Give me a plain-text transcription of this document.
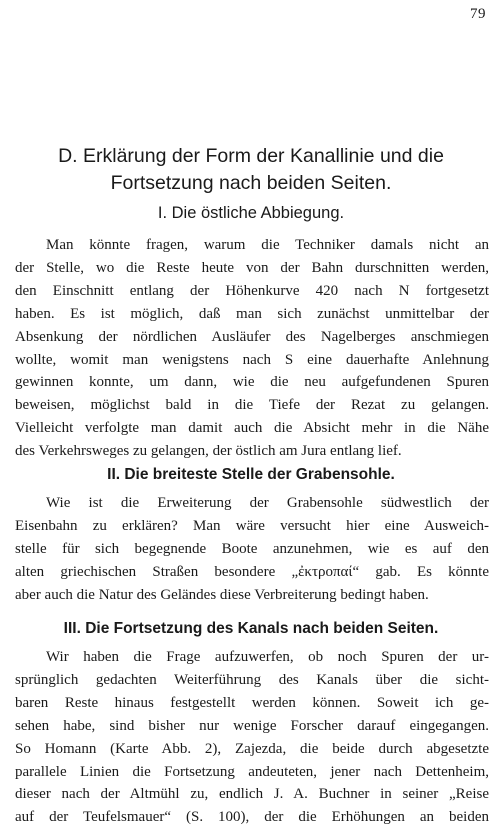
79
D. Erklärung der Form der Kanallinie und die
Fortsetzung nach beiden Seiten.
I. Die östliche Abbiegung.
Man könnte fragen, warum die Techniker damals nicht an
der Stelle, wo die Reste heute von der Bahn durschnitten werden,
den Einschnitt entlang der Höhenkurve 420 nach N fortgesetzt
haben. Es ist möglich, daß man sich zunächst unmittelbar der
Absenkung der nördlichen Ausläufer des Nagelberges anschmiegen
wollte, womit man wenigstens nach S eine dauerhafte Anlehnung
gewinnen konnte, um dann, wie die neu aufgefundenen Spuren
beweisen, möglichst bald in die Tiefe der Rezat zu gelangen.
Vielleicht verfolgte man damit auch die Absicht mehr in die Nähe
des Verkehrsweges zu gelangen, der östlich am Jura entlang lief.
II. Die breiteste Stelle der Grabensohle.
Wie ist die Erweiterung der Grabensohle südwestlich der
Eisenbahn zu erklären? Man wäre versucht hier eine Ausweich-
stelle für sich begegnende Boote anzunehmen, wie es auf den
alten griechischen Straßen besondere „ἐκτροπαί“ gab. Es könnte
aber auch die Natur des Geländes diese Verbreiterung bedingt haben.
III. Die Fortsetzung des Kanals nach beiden Seiten.
Wir haben die Frage aufzuwerfen, ob noch Spuren der ur-
sprünglich gedachten Weiterführung des Kanals über die sicht-
baren Reste hinaus festgestellt werden können. Soweit ich ge-
sehen habe, sind bisher nur wenige Forscher darauf eingegangen.
So Homann (Karte Abb. 2), Zajezda, die beide durch abgesetzte
parallele Linien die Fortsetzung andeuteten, jener nach Dettenheim,
dieser nach der Altmühl zu, endlich J. A. Buchner in seiner „Reise
auf der Teufelsmauer“ (S. 100), der die Erhöhungen an beiden
